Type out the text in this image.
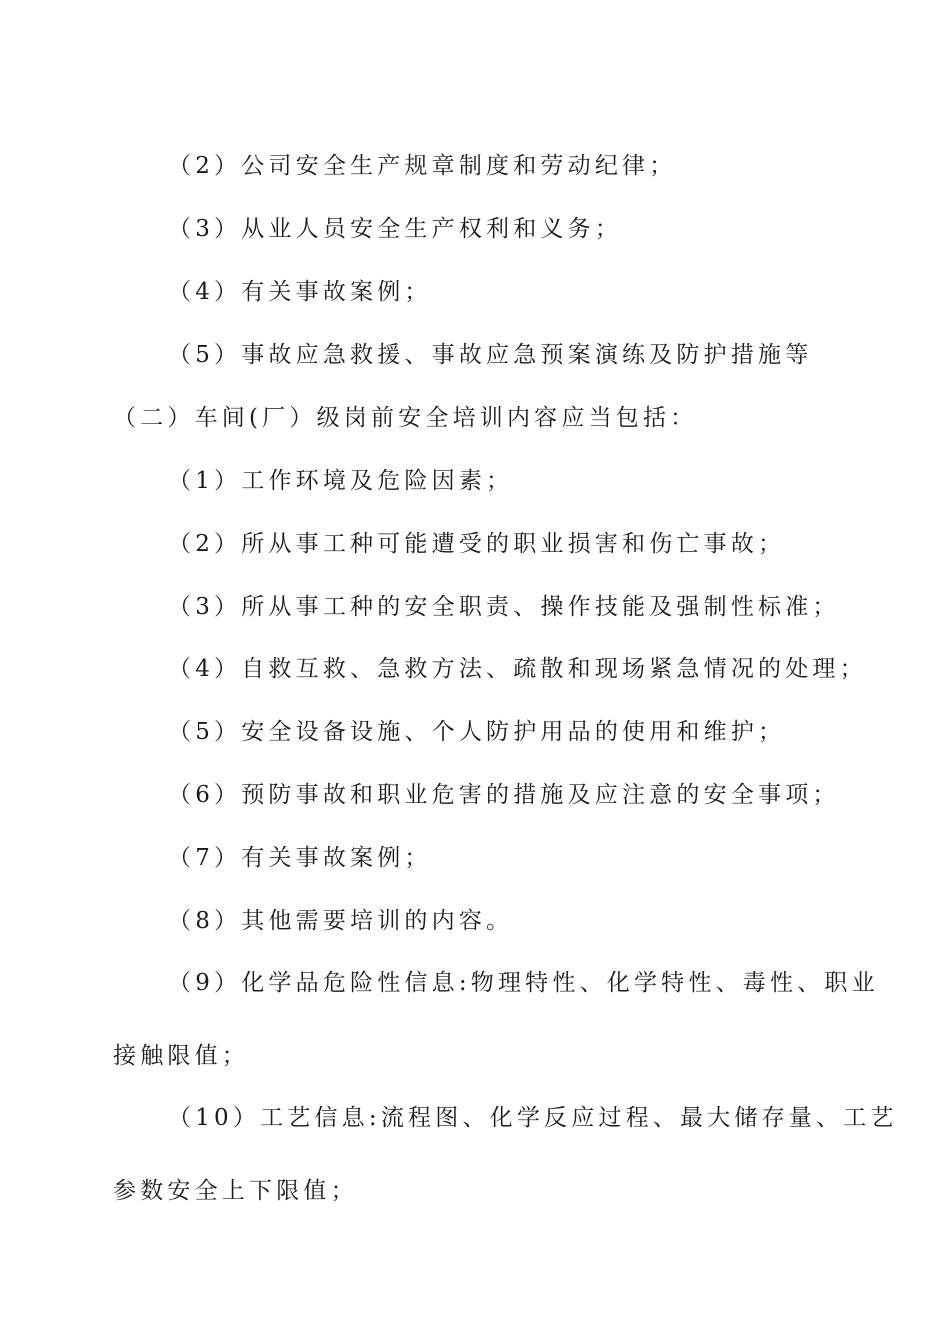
（2）公司安全生产规章制度和劳动纪律；
（3）从业人员安全生产权利和义务；
（4）有关事故案例；
（5）事故应急救援、事故应急预案演练及防护措施等
（二）车间(厂）级岗前安全培训内容应当包括：
（1）工作环境及危险因素；
（2）所从事工种可能遭受的职业损害和伤亡事故；
（3）所从事工种的安全职责、操作技能及强制性标准；
（4）自救互救、急救方法、疏散和现场紧急情况的处理；
（5）安全设备设施、个人防护用品的使用和维护；
（6）预防事故和职业危害的措施及应注意的安全事项；
（7）有关事故案例；
（8）其他需要培训的内容。
（9）化学品危险性信息:物理特性、化学特性、毒性、职业
接触限值；
（10）工艺信息:流程图、化学反应过程、最大储存量、工艺
参数安全上下限值；
